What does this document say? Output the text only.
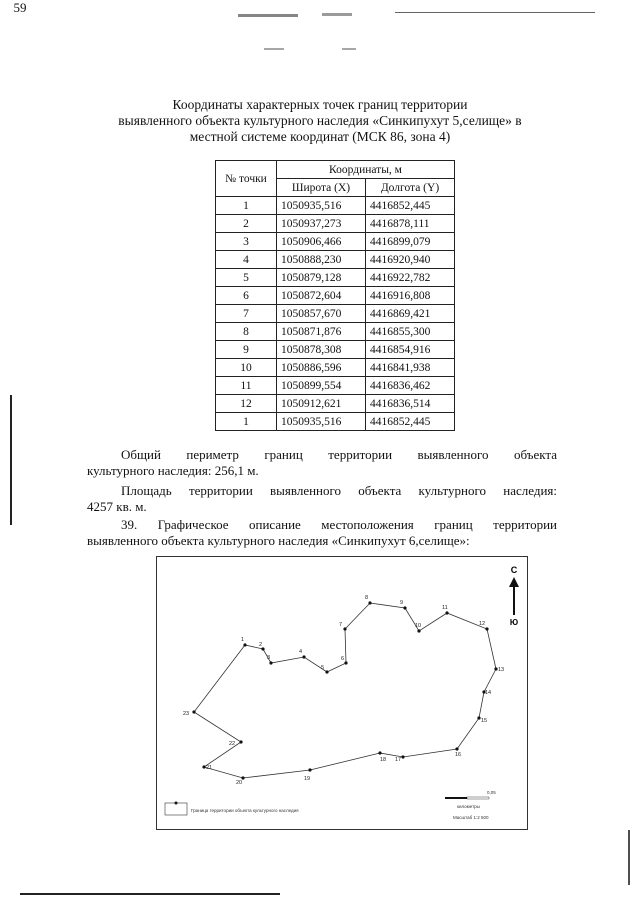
59
Координаты характерных точек границ территории
выявленного объекта культурного наследия «Синкипухут 5,селище» в
местной системе координат (МСК 86, зона 4)
№ точки	Координаты, м	
	Широта (X)	Долгота (Y)
1	1050935,516	4416852,445
2	1050937,273	4416878,111
3	1050906,466	4416899,079
4	1050888,230	4416920,940
5	1050879,128	4416922,782
6	1050872,604	4416916,808
7	1050857,670	4416869,421
8	1050871,876	4416855,300
9	1050878,308	4416854,916
10	1050886,596	4416841,938
11	1050899,554	4416836,462
12	1050912,621	4416836,514
1	1050935,516	4416852,445
Общий периметр границ территории выявленного объекта
культурного наследия: 256,1 м.
Площадь территории выявленного объекта культурного наследия:
4257 кв. м.
39. Графическое описание местоположения границ территории
выявленного объекта культурного наследия «Синкипухут 6,селище»:
С
Ю
1
2
3
4
5
6
7
8
9
10
11
12
13
14
15
16
17
18
19
20
21
22
23
Граница территории объекта культурного наследия
0,05
километры
Масштаб 1:2 500
